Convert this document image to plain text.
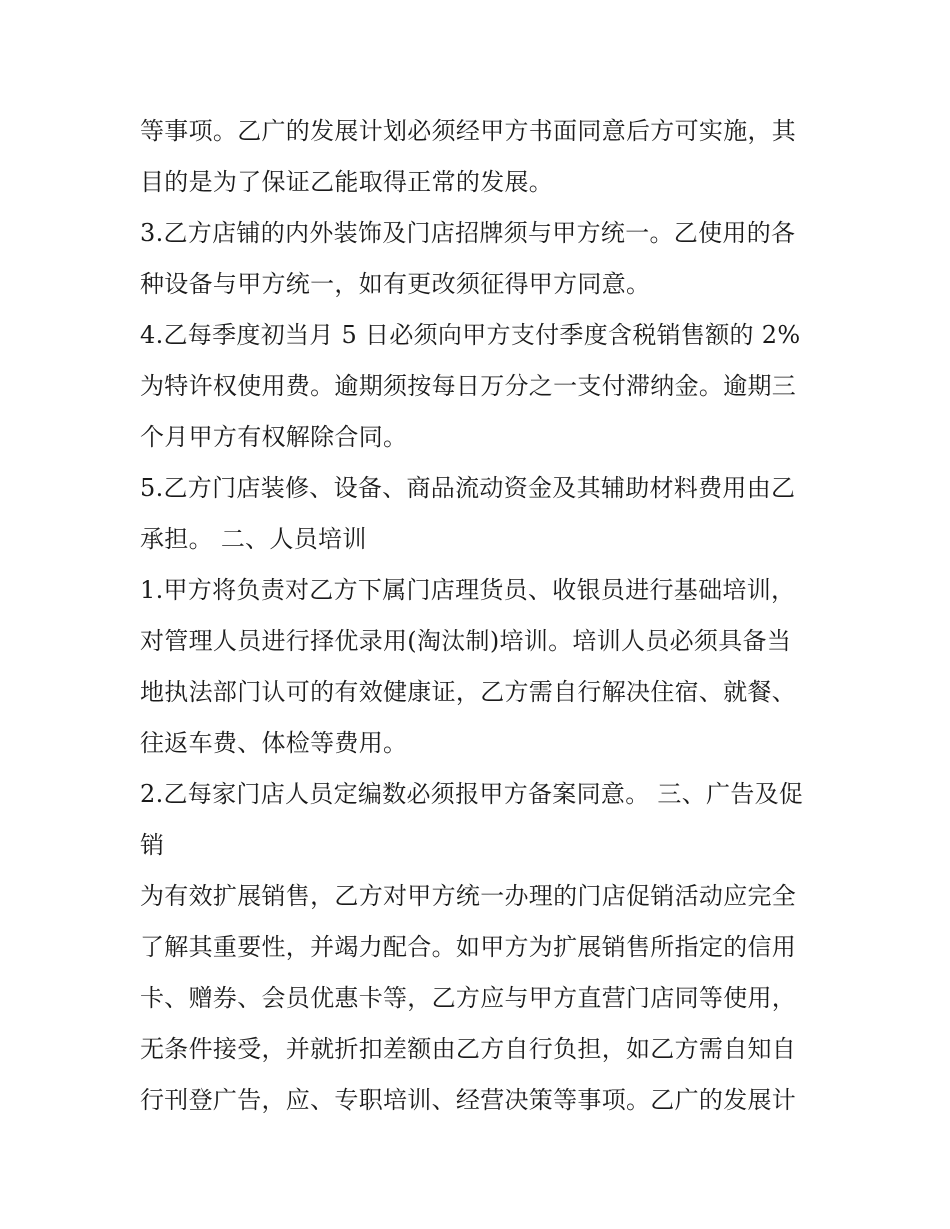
等事项。乙广的发展计划必须经甲方书面同意后方可实施，其
目的是为了保证乙能取得正常的发展。
3.乙方店铺的内外装饰及门店招牌须与甲方统一。乙使用的各
种设备与甲方统一，如有更改须征得甲方同意。
4.乙每季度初当月 5 日必须向甲方支付季度含税销售额的 2%
为特许权使用费。逾期须按每日万分之一支付滞纳金。逾期三
个月甲方有权解除合同。
5.乙方门店装修、设备、商品流动资金及其辅助材料费用由乙
承担。 二、人员培训
1.甲方将负责对乙方下属门店理货员、收银员进行基础培训，
对管理人员进行择优录用(淘汰制)培训。培训人员必须具备当
地执法部门认可的有效健康证，乙方需自行解决住宿、就餐、
往返车费、体检等费用。
2.乙每家门店人员定编数必须报甲方备案同意。 三、广告及促
销
为有效扩展销售，乙方对甲方统一办理的门店促销活动应完全
了解其重要性，并竭力配合。如甲方为扩展销售所指定的信用
卡、赠券、会员优惠卡等，乙方应与甲方直营门店同等使用，
无条件接受，并就折扣差额由乙方自行负担，如乙方需自知自
行刊登广告，应、专职培训、经营决策等事项。乙广的发展计
